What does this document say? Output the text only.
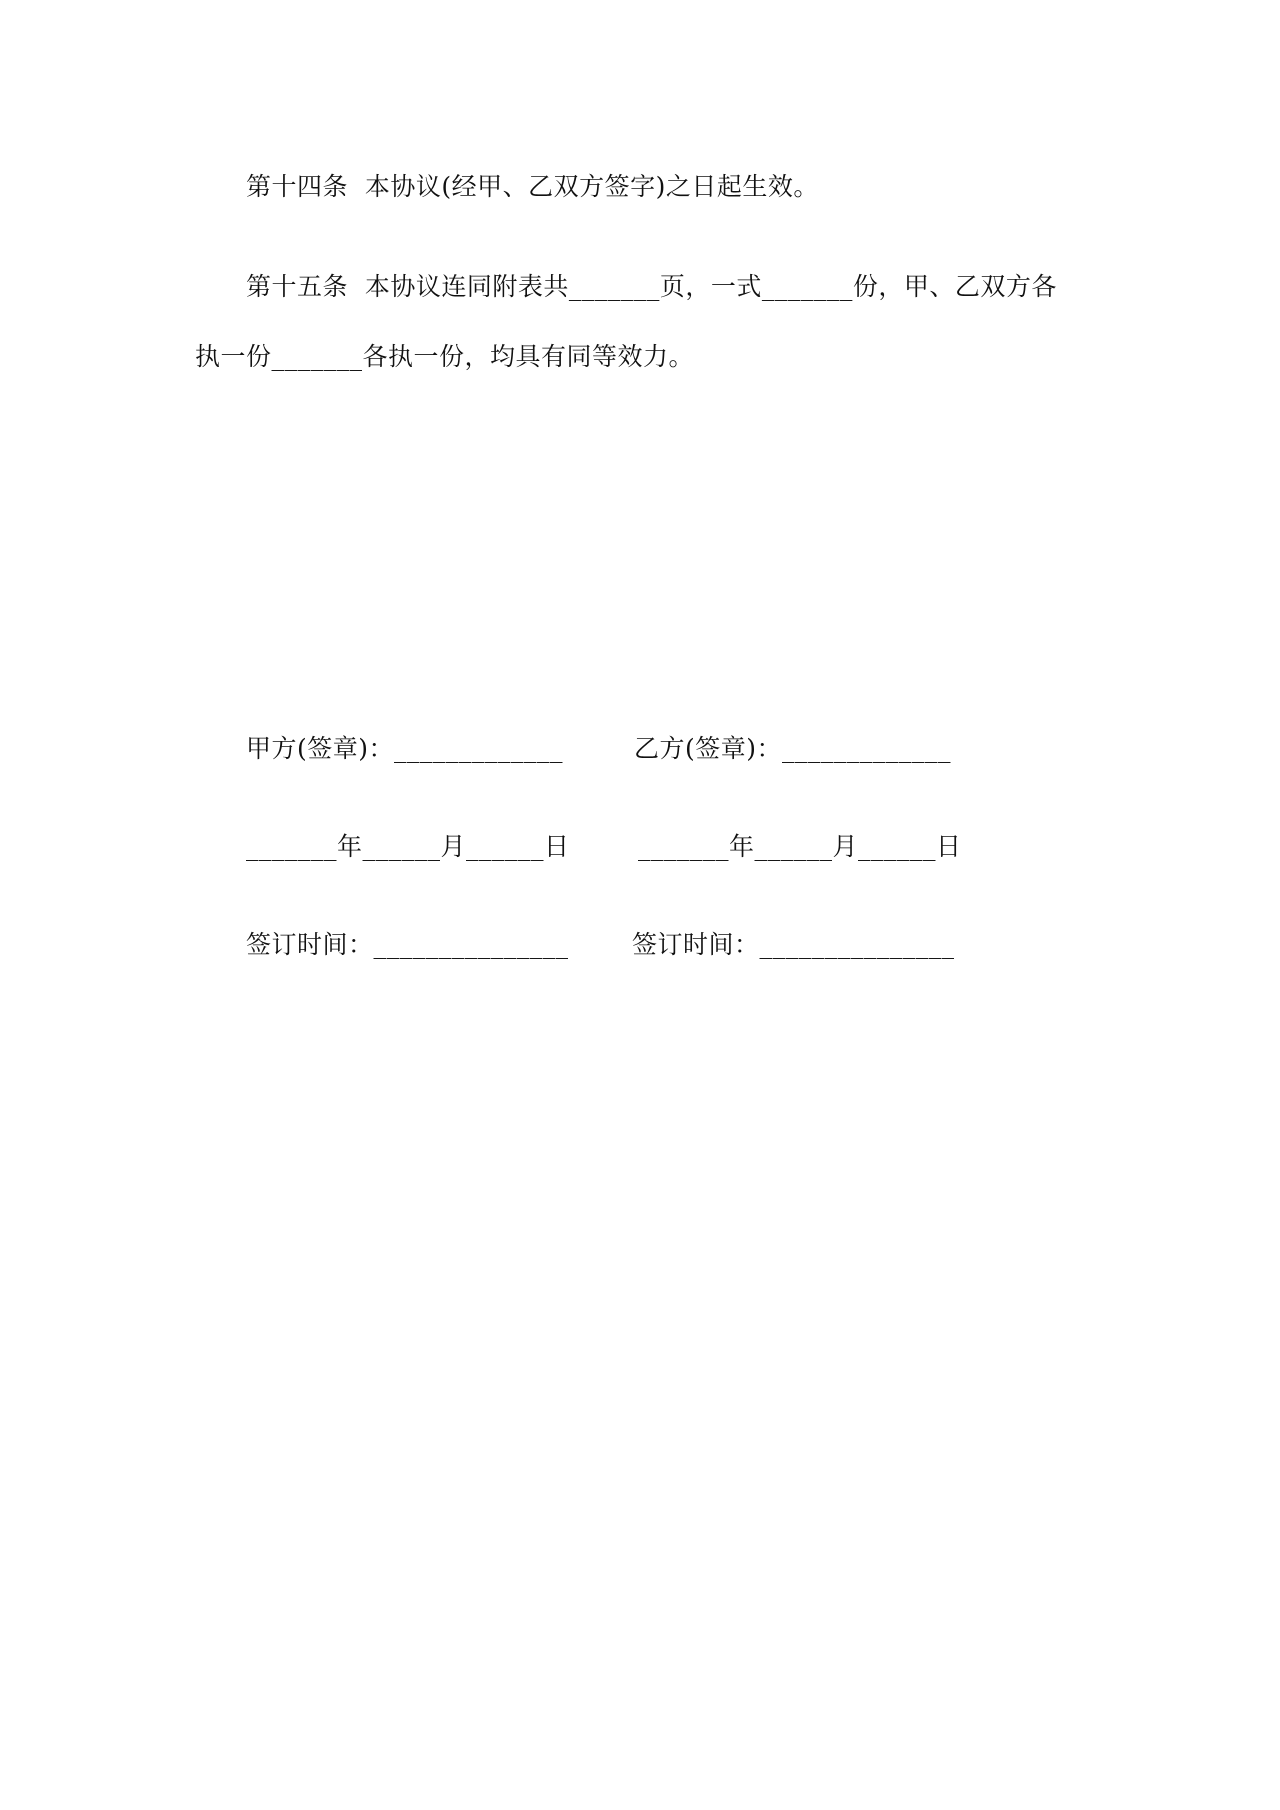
第十四条  本协议(经甲、乙双方签字)之日起生效。
第十五条  本协议连同附表共_______页，一式_______份，甲、乙双方各
执一份_______各执一份，均具有同等效力。
甲方(签章)：_____________	乙方(签章)：_____________
_______年______月______日	_______年______月______日
签订时间：_______________	签订时间：_______________
